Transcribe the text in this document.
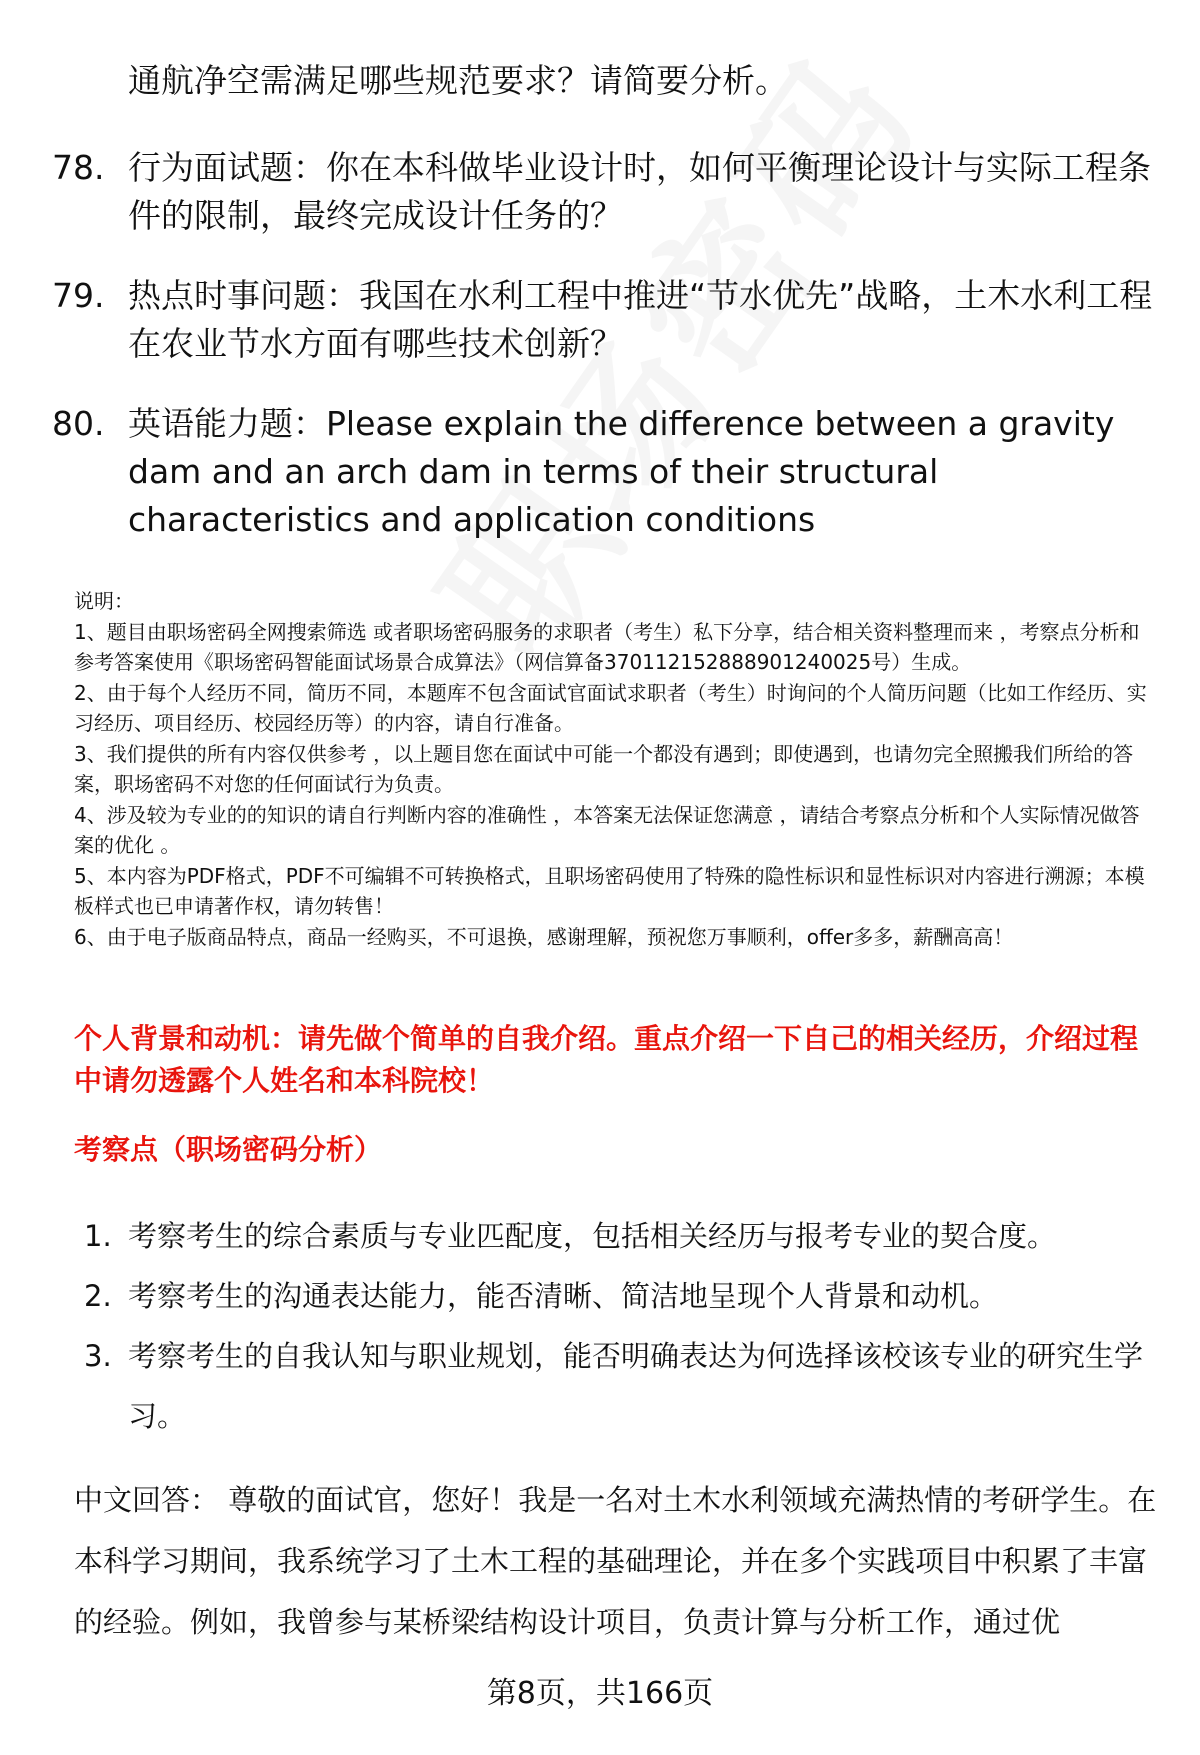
通航净空需满足哪些规范要求？请简要分析。

78. 行为面试题：你在本科做毕业设计时，如何平衡理论设计与实际工程条件的限制，最终完成设计任务的？
79. 热点时事问题：我国在水利工程中推进“节水优先”战略，土木水利工程在农业节水方面有哪些技术创新？
80. 英语能力题：Please explain the difference between a gravity dam and an arch dam in terms of their structural characteristics and application conditions

说明：

1、题目由职场密码全网搜索筛选 或者职场密码服务的求职者（考生）私下分享，结合相关资料整理而来 ，考察点分析和参考答案使用《职场密码智能面试场景合成算法》（网信算备370112152888901240025号）生成。

2、由于每个人经历不同，简历不同，本题库不包含面试官面试求职者（考生）时询问的个人简历问题（比如工作经历、实习经历、项目经历、校园经历等）的内容，请自行准备。

3、我们提供的所有内容仅供参考 ，以上题目您在面试中可能一个都没有遇到；即使遇到，也请勿完全照搬我们所给的答案，职场密码不对您的任何面试行为负责。

4、涉及较为专业的的知识的请自行判断内容的准确性 ，本答案无法保证您满意 ，请结合考察点分析和个人实际情况做答案的优化 。

5、本内容为PDF格式，PDF不可编辑不可转换格式，且职场密码使用了特殊的隐性标识和显性标识对内容进行溯源；本模板样式也已申请著作权，请勿转售！

6、由于电子版商品特点，商品一经购买，不可退换，感谢理解，预祝您万事顺利，offer多多，薪酬高高！

个人背景和动机：请先做个简单的自我介绍。重点介绍一下自己的相关经历，介绍过程中请勿透露个人姓名和本科院校！

考察点（职场密码分析）

1. 考察考生的综合素质与专业匹配度，包括相关经历与报考专业的契合度。
2. 考察考生的沟通表达能力，能否清晰、简洁地呈现个人背景和动机。
3. 考察考生的自我认知与职业规划，能否明确表达为何选择该校该专业的研究生学习。

中文回答： 尊敬的面试官，您好！我是一名对土木水利领域充满热情的考研学生。在本科学习期间，我系统学习了土木工程的基础理论，并在多个实践项目中积累了丰富的经验。例如，我曾参与某桥梁结构设计项目，负责计算与分析工作，通过优

第8页，共166页
